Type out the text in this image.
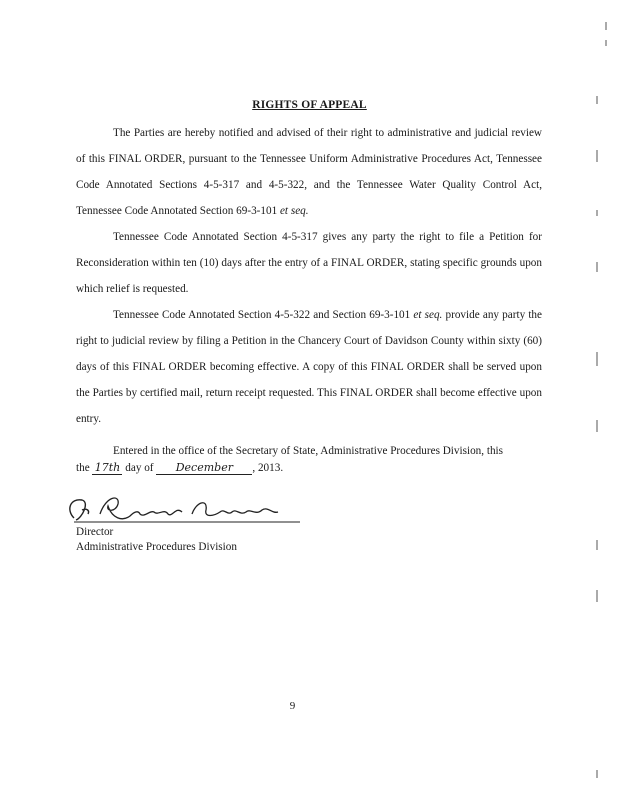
RIGHTS OF APPEAL
The Parties are hereby notified and advised of their right to administrative and judicial review of this FINAL ORDER, pursuant to the Tennessee Uniform Administrative Procedures Act, Tennessee Code Annotated Sections 4-5-317 and 4-5-322, and the Tennessee Water Quality Control Act, Tennessee Code Annotated Section 69-3-101 et seq.
Tennessee Code Annotated Section 4-5-317 gives any party the right to file a Petition for Reconsideration within ten (10) days after the entry of a FINAL ORDER, stating specific grounds upon which relief is requested.
Tennessee Code Annotated Section 4-5-322 and Section 69-3-101 et seq. provide any party the right to judicial review by filing a Petition in the Chancery Court of Davidson County within sixty (60) days of this FINAL ORDER becoming effective. A copy of this FINAL ORDER shall be served upon the Parties by certified mail, return receipt requested. This FINAL ORDER shall become effective upon entry.
Entered in the office of the Secretary of State, Administrative Procedures Division, this
the 17th day of December , 2013.
Director
Administrative Procedures Division
9
